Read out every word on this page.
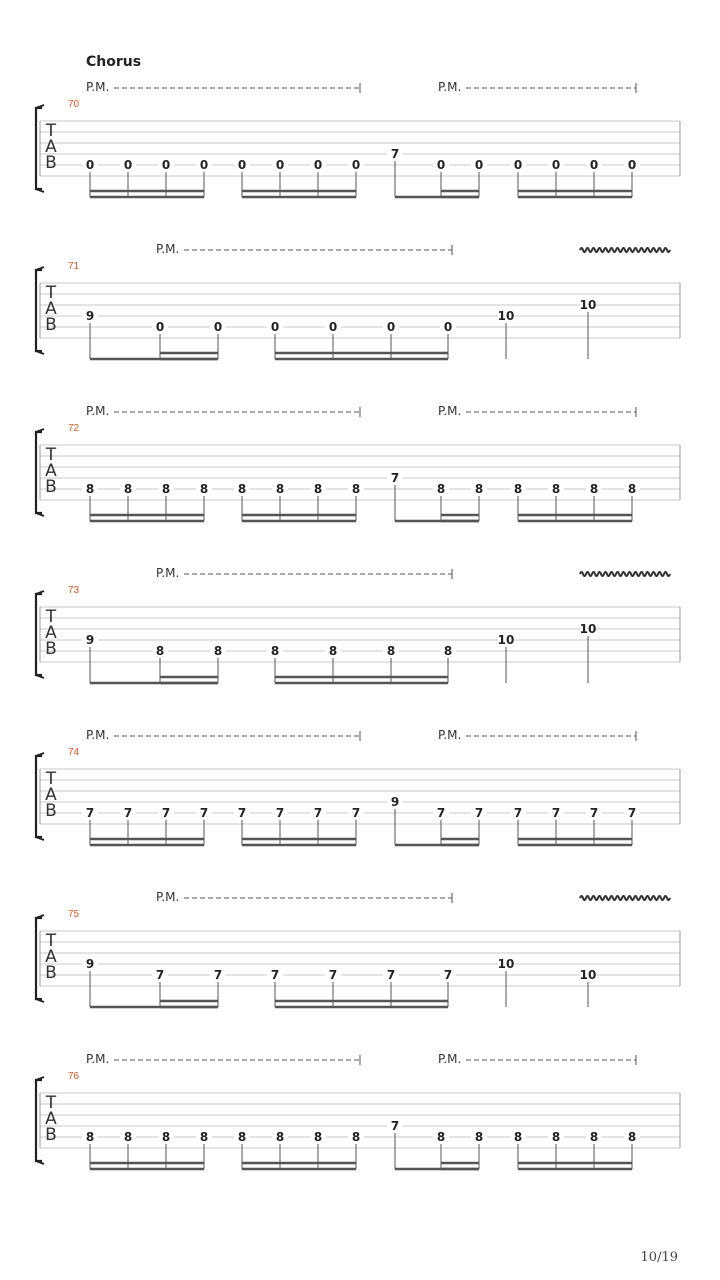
Chorus
70
T
A
B
P.M.	P.M.
0 0 0 0 0 0 0 0
7
0 0	0 0 0 0
71
T
A
B
P.M.
9
0	0	0	0	0	0
10
10
72
T
A
B
P.M.	P.M.
8 8 8 8 8 8 8 8
7
8 8	8 8 8 8
73
T
A
B
P.M.
9
8	8	8	8	8	8
10
10
74
T
A
B
P.M.	P.M.
7 7 7 7 7 7 7 7
9
7 7	7 7 7 7
75
T
A
B
P.M.
9
7	7	7	7	7	7
10
10
76
T
A
B
P.M.	P.M.
8 8 8 8 8 8 8 8
7
8 8	8 8 8 8
10/19
